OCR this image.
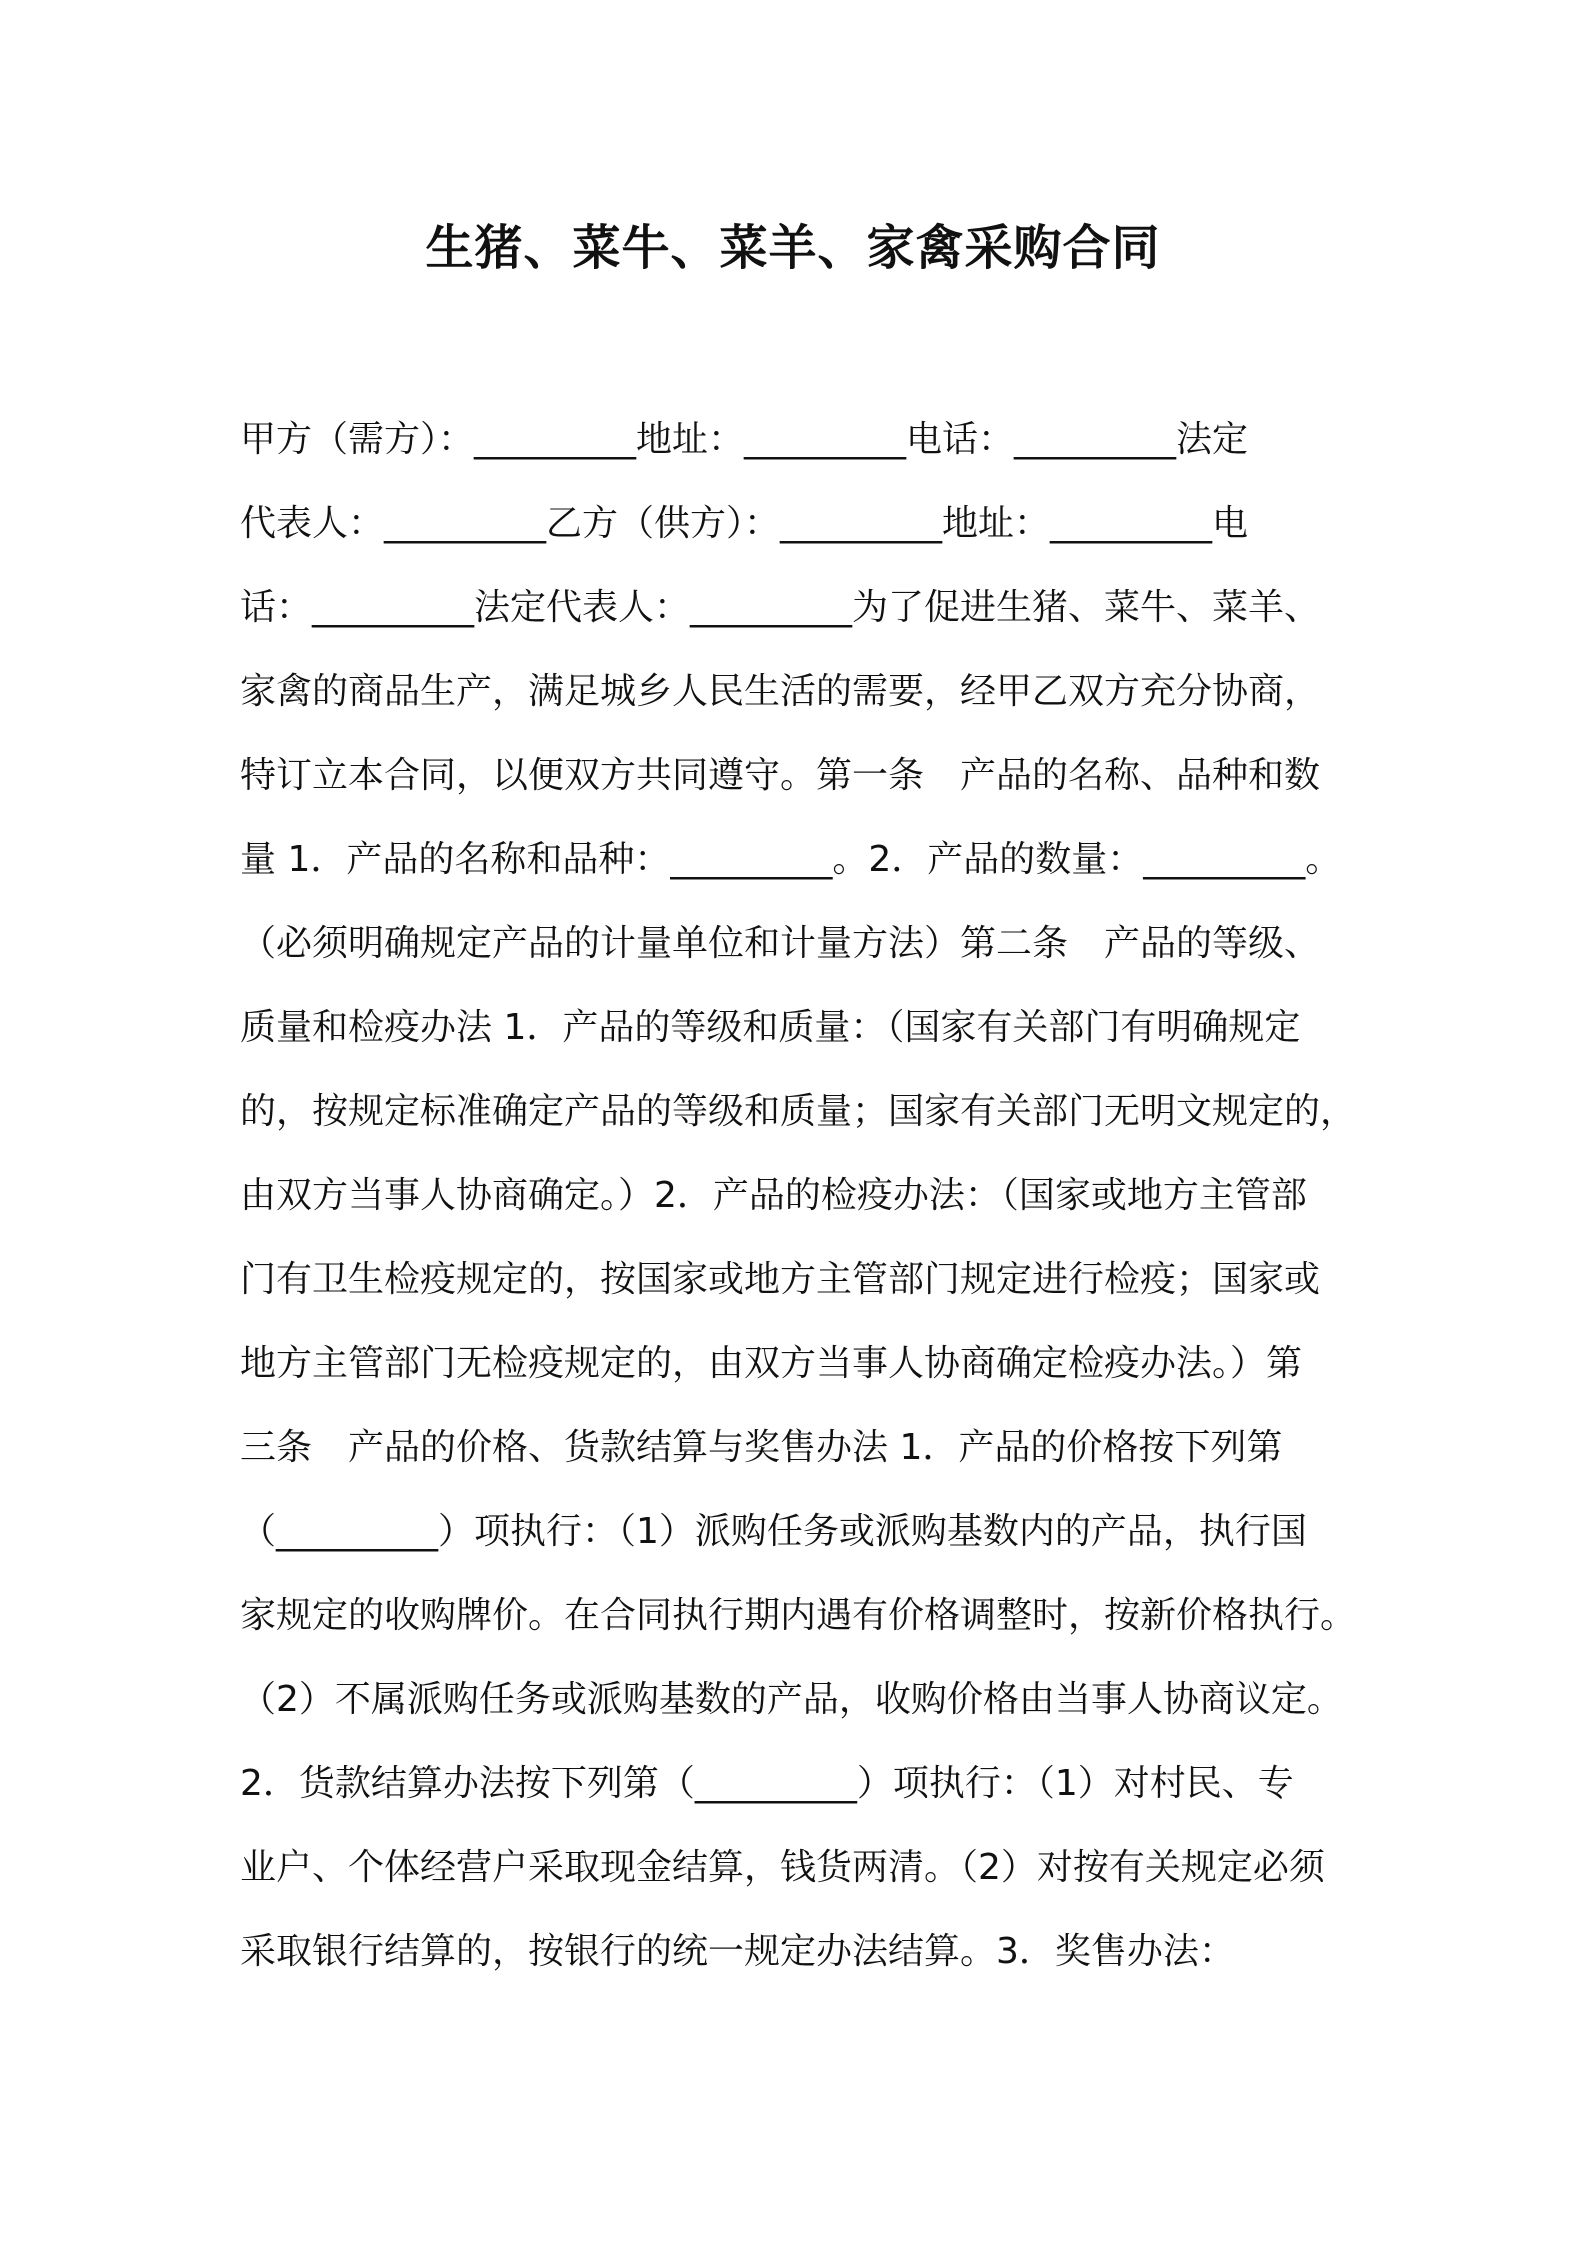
生猪、菜牛、菜羊、家禽采购合同
甲方（需方）：_________地址：_________电话：_________法定
代表人：_________乙方（供方）：_________地址：_________电
话：_________法定代表人：_________为了促进生猪、菜牛、菜羊、
家禽的商品生产，满足城乡人民生活的需要，经甲乙双方充分协商，
特订立本合同，以便双方共同遵守。第一条　产品的名称、品种和数
量 1．产品的名称和品种：_________。2．产品的数量：_________。
（必须明确规定产品的计量单位和计量方法）第二条　产品的等级、
质量和检疫办法 1．产品的等级和质量：（国家有关部门有明确规定
的，按规定标准确定产品的等级和质量；国家有关部门无明文规定的，
由双方当事人协商确定。）2．产品的检疫办法：（国家或地方主管部
门有卫生检疫规定的，按国家或地方主管部门规定进行检疫；国家或
地方主管部门无检疫规定的，由双方当事人协商确定检疫办法。）第
三条　产品的价格、货款结算与奖售办法 1．产品的价格按下列第
（_________）项执行：（1）派购任务或派购基数内的产品，执行国
家规定的收购牌价。在合同执行期内遇有价格调整时，按新价格执行。
（2）不属派购任务或派购基数的产品，收购价格由当事人协商议定。
2．货款结算办法按下列第（_________）项执行：（1）对村民、专
业户、个体经营户采取现金结算，钱货两清。（2）对按有关规定必须
采取银行结算的，按银行的统一规定办法结算。3．奖售办法：
